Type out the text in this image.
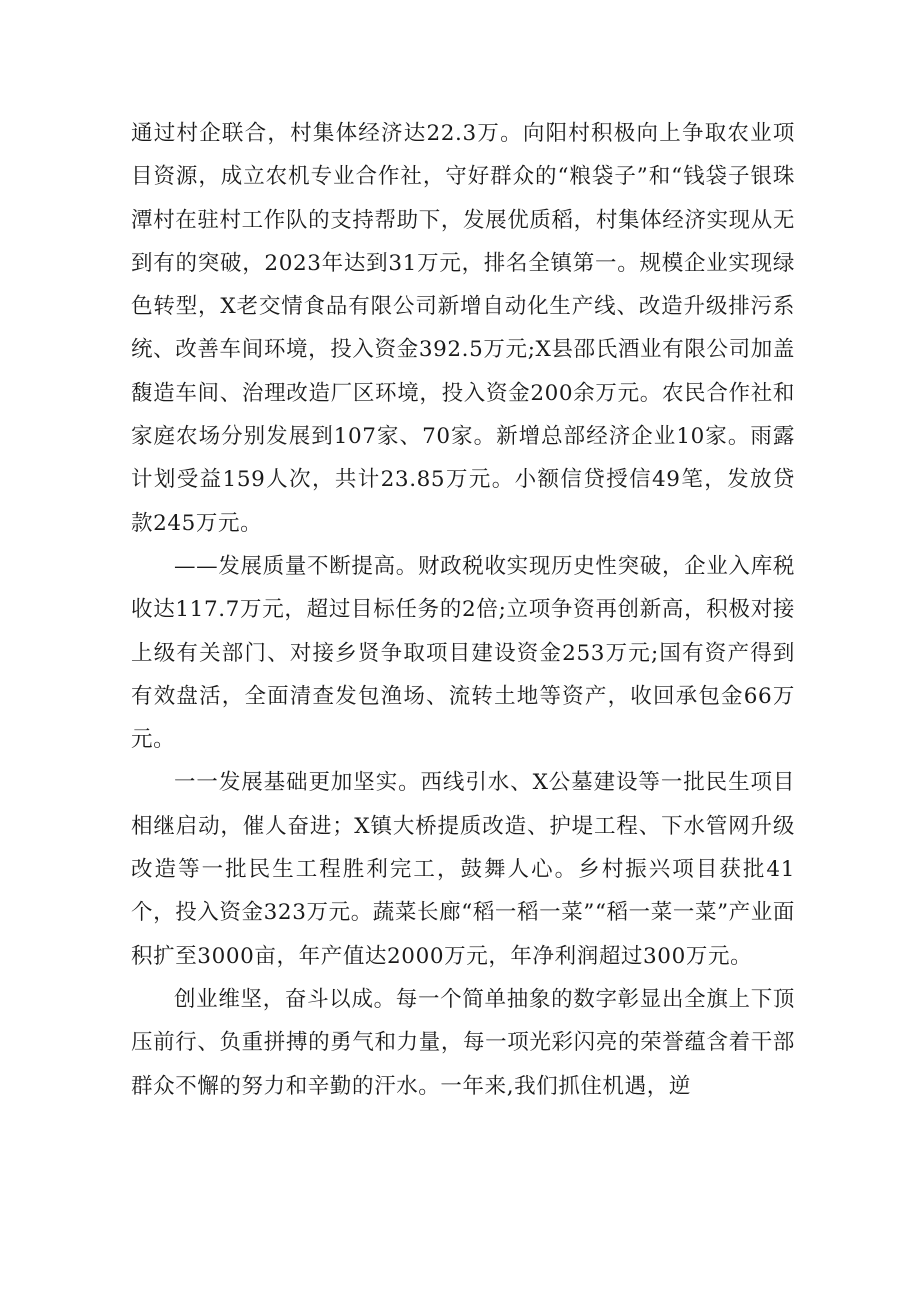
通过村企联合，村集体经济达22.3万。向阳村积极向上争取农业项目资源，成立农机专业合作社，守好群众的“粮袋子”和“钱袋子银珠潭村在驻村工作队的支持帮助下，发展优质稻，村集体经济实现从无到有的突破，2023年达到31万元，排名全镇第一。规模企业实现绿色转型，X老交情食品有限公司新增自动化生产线、改造升级排污系统、改善车间环境，投入资金392.5万元;X县邵氏酒业有限公司加盖馥造车间、治理改造厂区环境，投入资金200余万元。农民合作社和家庭农场分别发展到107家、70家。新增总部经济企业10家。雨露计划受益159人次，共计23.85万元。小额信贷授信49笔，发放贷款245万元。

——发展质量不断提高。财政税收实现历史性突破，企业入库税收达117.7万元，超过目标任务的2倍;立项争资再创新高，积极对接上级有关部门、对接乡贤争取项目建设资金253万元;国有资产得到有效盘活，全面清查发包渔场、流转土地等资产，收回承包金66万元。

一一发展基础更加坚实。西线引水、X公墓建设等一批民生项目相继启动，催人奋进；X镇大桥提质改造、护堤工程、下水管网升级改造等一批民生工程胜利完工，鼓舞人心。乡村振兴项目获批41个，投入资金323万元。蔬菜长廊“稻一稻一菜”“稻一菜一菜”产业面积扩至3000亩，年产值达2000万元，年净利润超过300万元。

创业维坚，奋斗以成。每一个简单抽象的数字彰显出全旗上下顶压前行、负重拼搏的勇气和力量，每一项光彩闪亮的荣誉蕴含着干部群众不懈的努力和辛勤的汗水。一年来,我们抓住机遇，逆
